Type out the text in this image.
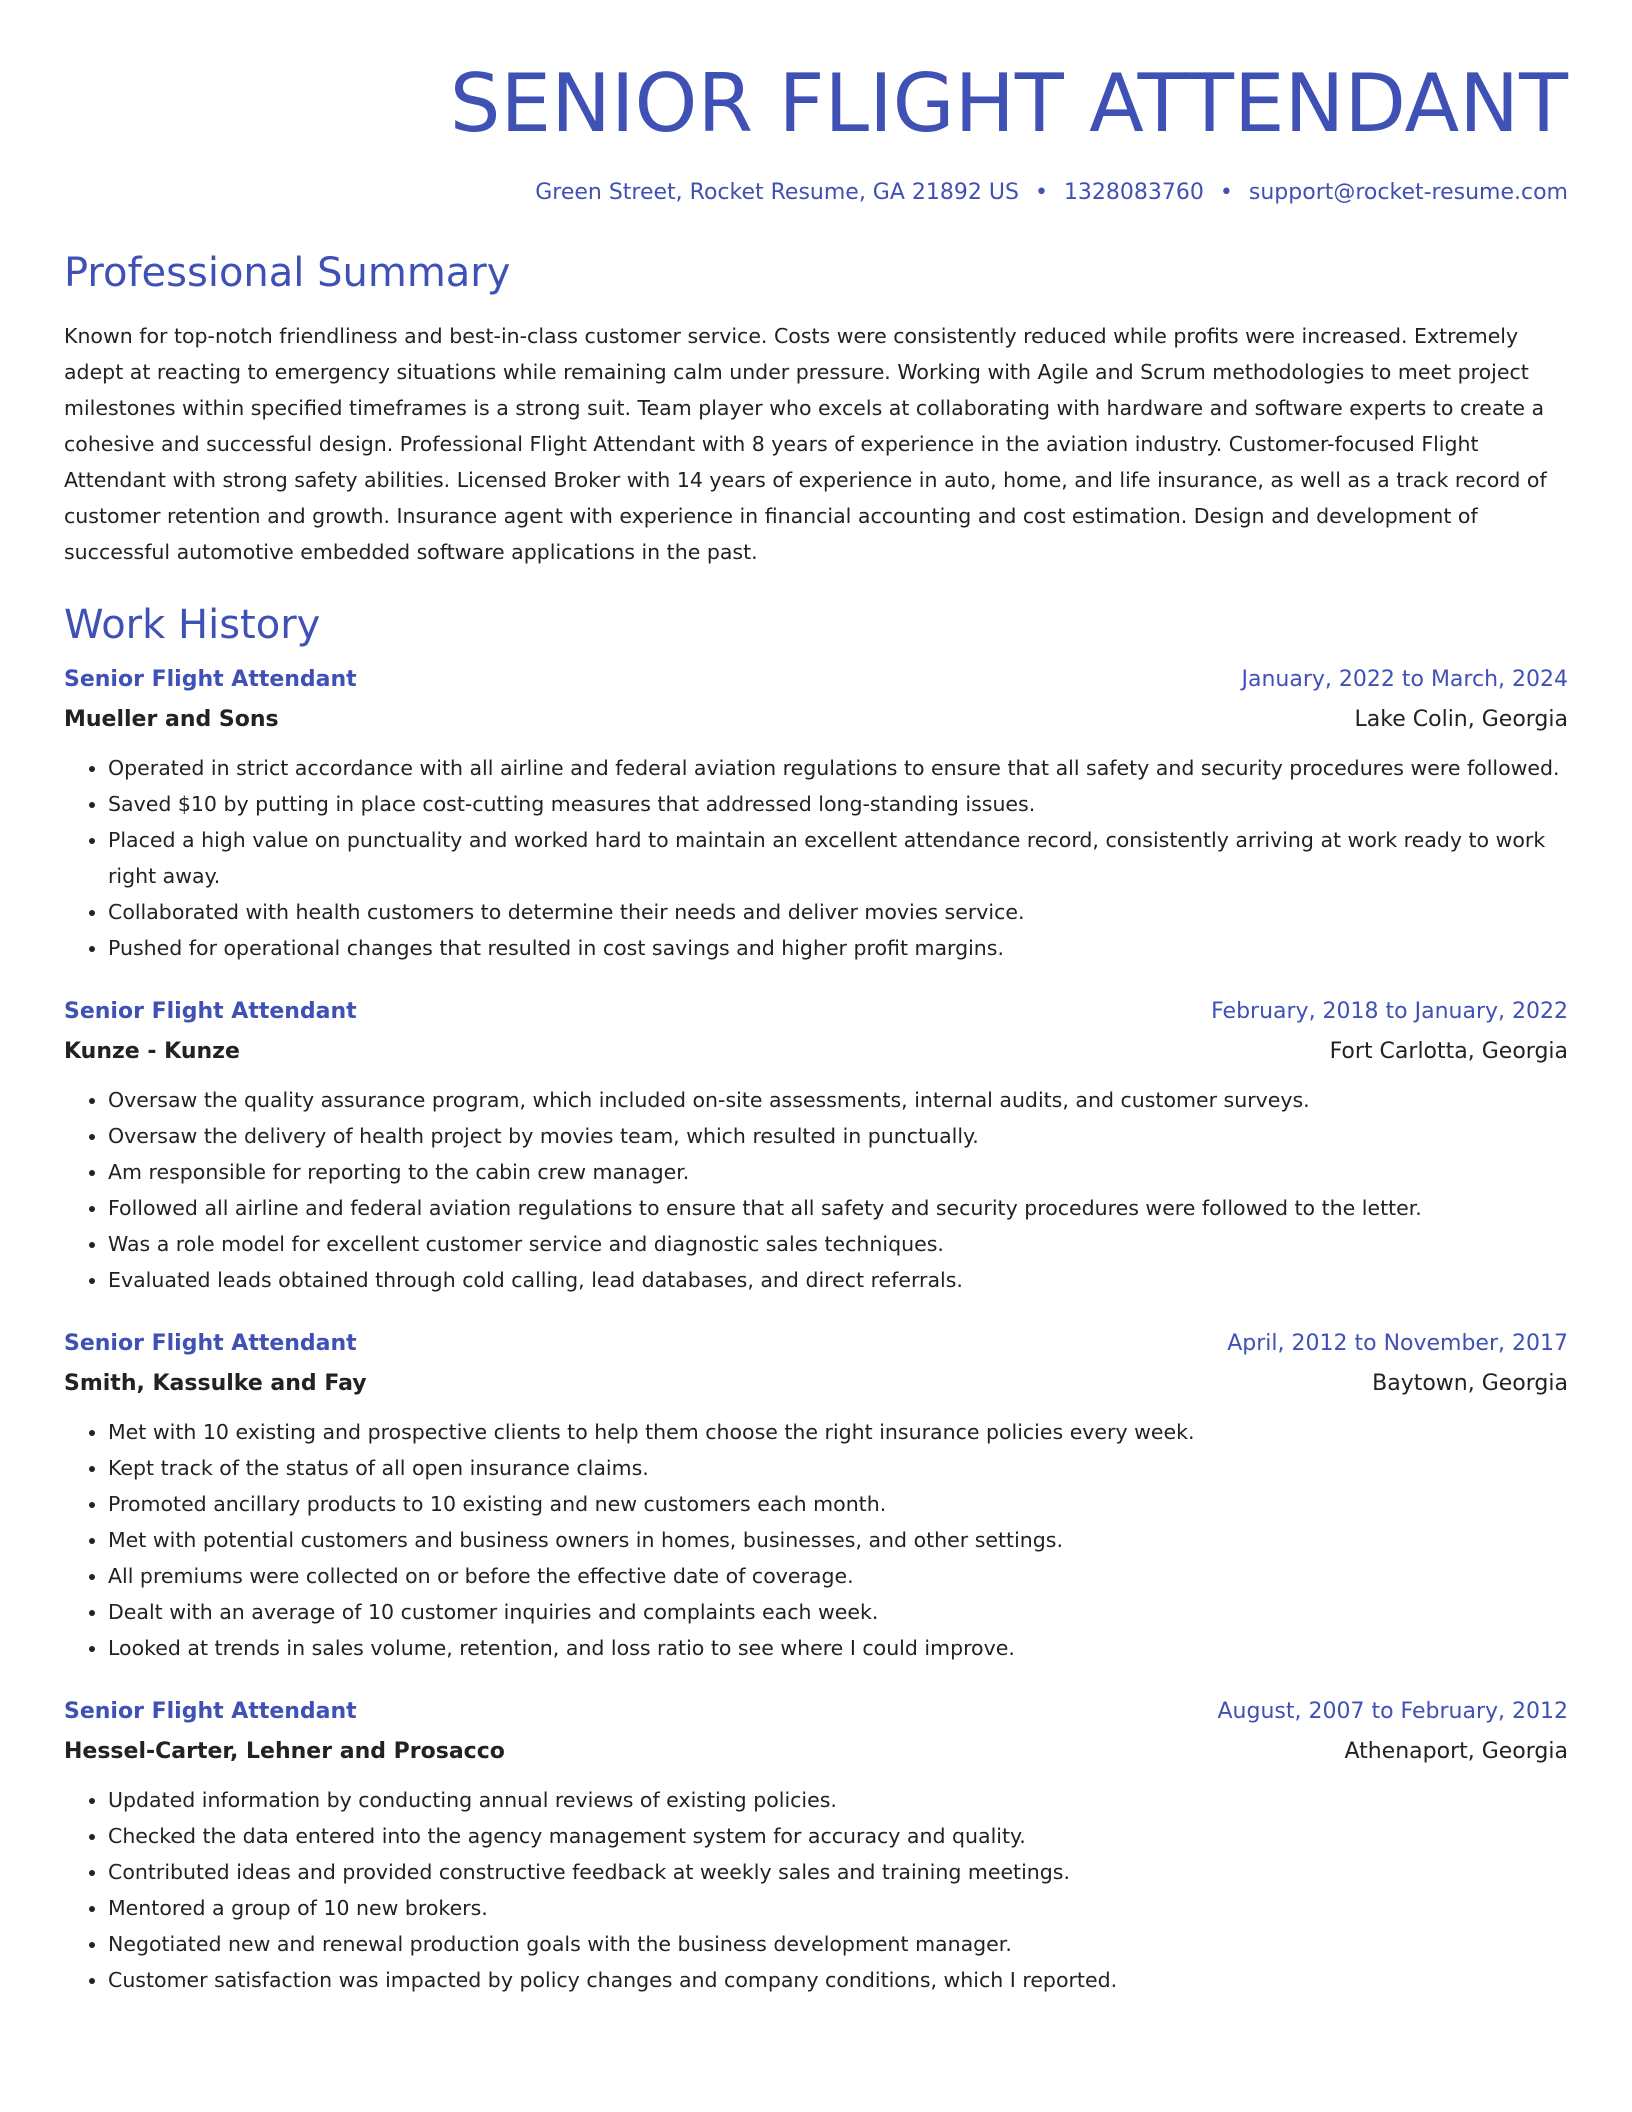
SENIOR FLIGHT ATTENDANT
Green Street, Rocket Resume, GA 21892 US • 1328083760 • support@rocket-resume.com
Professional Summary

Known for top-notch friendliness and best-in-class customer service. Costs were consistently reduced while profits were increased. Extremely adept at reacting to emergency situations while remaining calm under pressure. Working with Agile and Scrum methodologies to meet project milestones within specified timeframes is a strong suit. Team player who excels at collaborating with hardware and software experts to create a cohesive and successful design. Professional Flight Attendant with 8 years of experience in the aviation industry. Customer-focused Flight Attendant with strong safety abilities. Licensed Broker with 14 years of experience in auto, home, and life insurance, as well as a track record of customer retention and growth. Insurance agent with experience in financial accounting and cost estimation. Design and development of successful automotive embedded software applications in the past.

Work History
Senior Flight Attendant	January, 2022 to March, 2024
Mueller and Sons	Lake Colin, Georgia
• Operated in strict accordance with all airline and federal aviation regulations to ensure that all safety and security procedures were followed.
• Saved $10 by putting in place cost-cutting measures that addressed long-standing issues.
• Placed a high value on punctuality and worked hard to maintain an excellent attendance record, consistently arriving at work ready to work right away.
• Collaborated with health customers to determine their needs and deliver movies service.
• Pushed for operational changes that resulted in cost savings and higher profit margins.
Senior Flight Attendant	February, 2018 to January, 2022
Kunze - Kunze	Fort Carlotta, Georgia
• Oversaw the quality assurance program, which included on-site assessments, internal audits, and customer surveys.
• Oversaw the delivery of health project by movies team, which resulted in punctually.
• Am responsible for reporting to the cabin crew manager.
• Followed all airline and federal aviation regulations to ensure that all safety and security procedures were followed to the letter.
• Was a role model for excellent customer service and diagnostic sales techniques.
• Evaluated leads obtained through cold calling, lead databases, and direct referrals.
Senior Flight Attendant	April, 2012 to November, 2017
Smith, Kassulke and Fay	Baytown, Georgia
• Met with 10 existing and prospective clients to help them choose the right insurance policies every week.
• Kept track of the status of all open insurance claims.
• Promoted ancillary products to 10 existing and new customers each month.
• Met with potential customers and business owners in homes, businesses, and other settings.
• All premiums were collected on or before the effective date of coverage.
• Dealt with an average of 10 customer inquiries and complaints each week.
• Looked at trends in sales volume, retention, and loss ratio to see where I could improve.
Senior Flight Attendant	August, 2007 to February, 2012
Hessel-Carter, Lehner and Prosacco	Athenaport, Georgia
• Updated information by conducting annual reviews of existing policies.
• Checked the data entered into the agency management system for accuracy and quality.
• Contributed ideas and provided constructive feedback at weekly sales and training meetings.
• Mentored a group of 10 new brokers.
• Negotiated new and renewal production goals with the business development manager.
• Customer satisfaction was impacted by policy changes and company conditions, which I reported.
